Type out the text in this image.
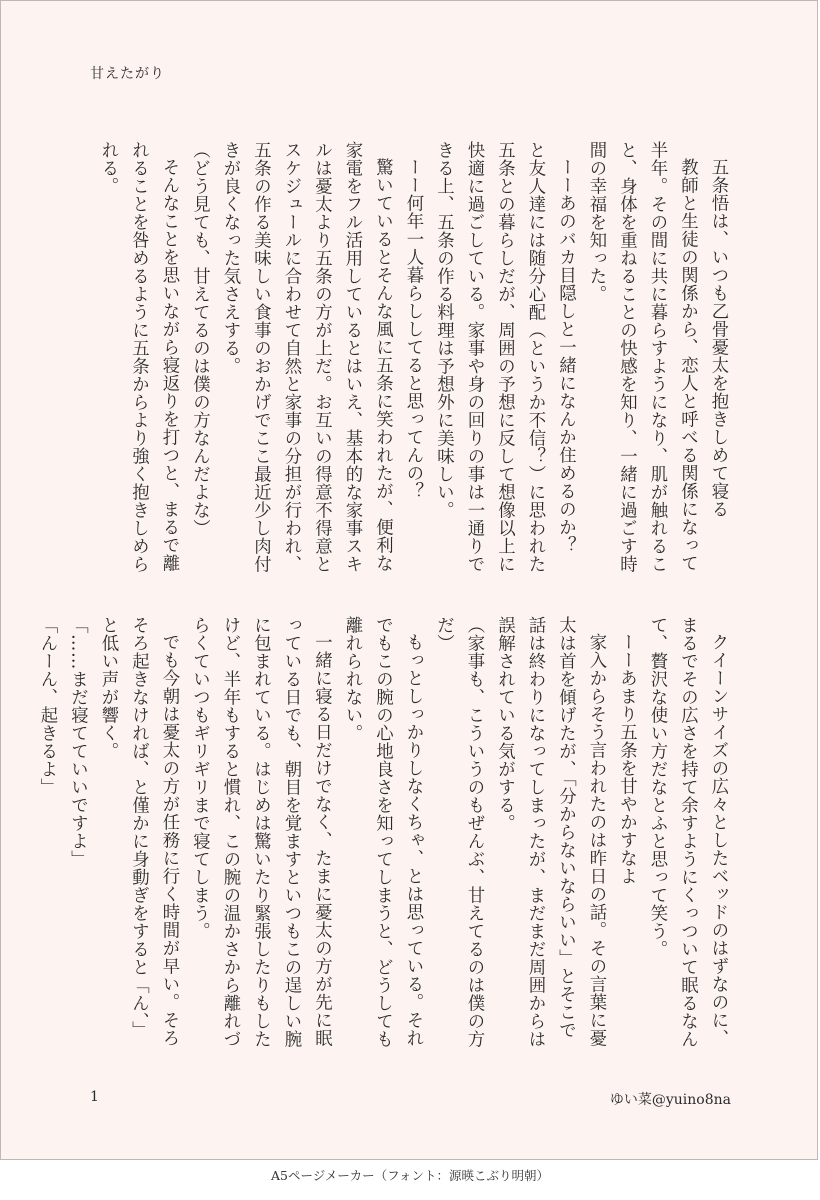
甘えたがり

五条悟は、いつも乙骨憂太を抱きしめて寝る

教師と生徒の関係から、恋人と呼べる関係になって半年。その間に共に暮らすようになり、肌が触れること、身体を重ねることの快感を知り、一緒に過ごす時間の幸福を知った。

ーーあのバカ目隠しと一緒になんか住めるのか？

と友人達には随分心配（というか不信？）に思われた五条との暮らしだが、周囲の予想に反して想像以上に快適に過ごしている。家事や身の回りの事は一通りできる上、五条の作る料理は予想外に美味しい。

ーー何年一人暮らししてると思ってんの？

驚いているとそんな風に五条に笑われたが、便利な家電をフル活用しているとはいえ、基本的な家事スキルは憂太より五条の方が上だ。お互いの得意不得意とスケジュールに合わせて自然と家事の分担が行われ、五条の作る美味しい食事のおかげでここ最近少し肉付きが良くなった気さえする。

（どう見ても、甘えてるのは僕の方なんだよな）

そんなことを思いながら寝返りを打つと、まるで離れることを咎めるように五条からより強く抱きしめられる。

クイーンサイズの広々としたベッドのはずなのに、まるでその広さを持て余すようにくっついて眠るなんて、贅沢な使い方だなとふと思って笑う。

ーーあまり五条を甘やかすなよ

家入からそう言われたのは昨日の話。その言葉に憂太は首を傾げたが、「分からないならいい」とそこで話は終わりになってしまったが、まだまだ周囲からは誤解されている気がする。

（家事も、こういうのもぜんぶ、甘えてるのは僕の方だ）

もっとしっかりしなくちゃ、とは思っている。それでもこの腕の心地良さを知ってしまうと、どうしても離れられない。

一緒に寝る日だけでなく、たまに憂太の方が先に眠っている日でも、朝目を覚ますといつもこの逞しい腕に包まれている。はじめは驚いたり緊張したりもしたけど、半年もすると慣れ、この腕の温かさから離れづらくていつもギリギリまで寝てしまう。

でも今朝は憂太の方が任務に行く時間が早い。そろそろ起きなければ、と僅かに身動ぎをすると「ん、」と低い声が響く。

「……まだ寝てていいですよ」

「んーん、起きるよ」

1	ゆい菜@yuino8na
A5ページメーカー（フォント：源暎こぶり明朝）
